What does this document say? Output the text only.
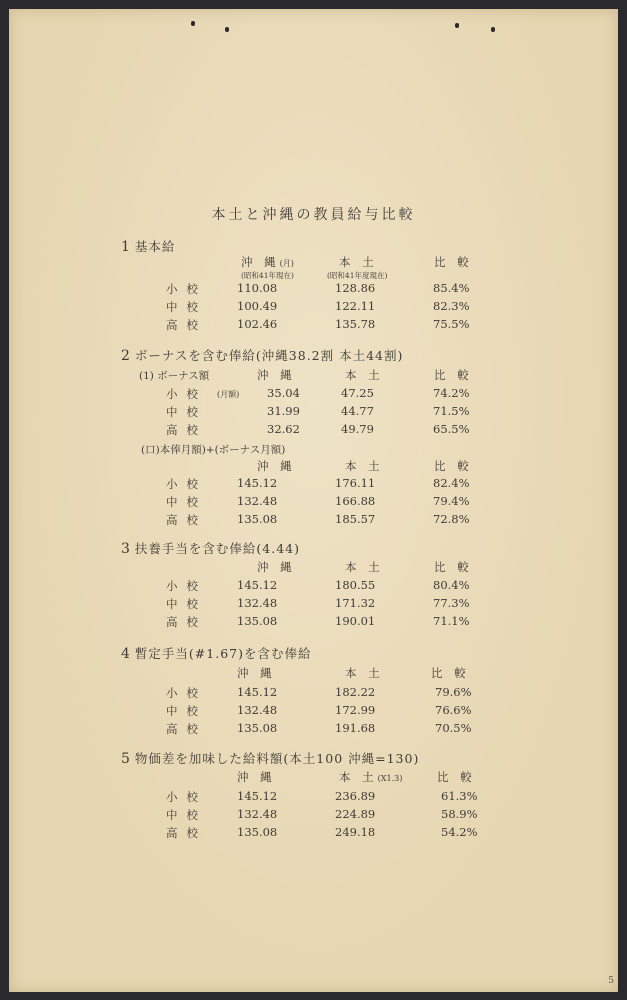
本土と沖縄の教員給与比較
1 基本給
沖 縄(月)	本 土	比 較
(昭和41年現在)	(昭和41年度現在)
小校	110.08	128.86	85.4%
中校	100.49	122.11	82.3%
高校	102.46	135.78	75.5%
2 ボーナスを含む俸給(沖縄38.2割 本土44割)
(1) ボーナス額	沖 縄	本 土	比 較
小校 (月額) 35.04	47.25	74.2%
中校	31.99	44.77	71.5%
高校	32.62	49.79	65.5%
(口)本俸月額)+(ボーナス月額)
沖 縄	本 土	比 較
小校	145.12	176.11	82.4%
中校	132.48	166.88	79.4%
高校	135.08	185.57	72.8%
3 扶養手当を含む俸給(4.44)
沖 縄	本 土	比 較
小校	145.12	180.55	80.4%
中校	132.48	171.32	77.3%
高校	135.08	190.01	71.1%
4 暫定手当(#1.67)を含む俸給
沖 縄	本 土	比 較
小校	145.12	182.22	79.6%
中校	132.48	172.99	76.6%
高校	135.08	191.68	70.5%
5 物価差を加味した給料額(本土100 沖縄=130)
沖 縄	本 土(X1.3)	比 較
小校	145.12	236.89	61.3%
中校	132.48	224.89	58.9%
高校	135.08	249.18	54.2%
5
